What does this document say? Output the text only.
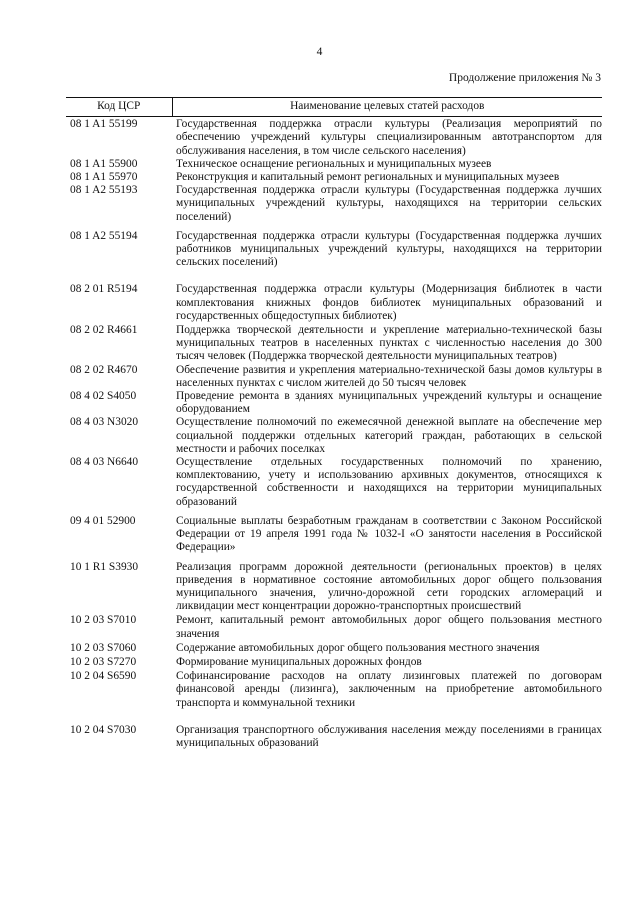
4
Продолжение приложения № 3
Код ЦСР	Наименование целевых статей расходов
08 1 A1 55199	Государственная поддержка отрасли культуры (Реализация мероприятий по обеспечению учреждений культуры специализированным автотранспортом для обслуживания населения, в том числе сельского населения)
08 1 A1 55900	Техническое оснащение региональных и муниципальных музеев
08 1 A1 55970	Реконструкция и капитальный ремонт региональных и муниципальных музеев
08 1 A2 55193	Государственная поддержка отрасли культуры (Государственная поддержка лучших муниципальных учреждений культуры, находящихся на территории сельских поселений)
08 1 A2 55194	Государственная поддержка отрасли культуры (Государственная поддержка лучших работников муниципальных учреждений культуры, находящихся на территории сельских поселений)
08 2 01 R5194	Государственная поддержка отрасли культуры (Модернизация библиотек в части комплектования книжных фондов библиотек муниципальных образований и государственных общедоступных библиотек)
08 2 02 R4661	Поддержка творческой деятельности и укрепление материально-технической базы муниципальных театров в населенных пунктах с численностью населения до 300 тысяч человек (Поддержка творческой деятельности муниципальных театров)
08 2 02 R4670	Обеспечение развития и укрепления материально-технической базы домов культуры в населенных пунктах с числом жителей до 50 тысяч человек
08 4 02 S4050	Проведение ремонта в зданиях муниципальных учреждений культуры и оснащение оборудованием
08 4 03 N3020	Осуществление полномочий по ежемесячной денежной выплате на обеспечение мер социальной поддержки отдельных категорий граждан, работающих в сельской местности и рабочих поселках
08 4 03 N6640	Осуществление отдельных государственных полномочий по хранению, комплектованию, учету и использованию архивных документов, относящихся к государственной собственности и находящихся на территории муниципальных образований
09 4 01 52900	Социальные выплаты безработным гражданам в соответствии с Законом Российской Федерации от 19 апреля 1991 года № 1032-I «О занятости населения в Российской Федерации»
10 1 R1 S3930	Реализация программ дорожной деятельности (региональных проектов) в целях приведения в нормативное состояние автомобильных дорог общего пользования муниципального значения, улично-дорожной сети городских агломераций и ликвидации мест концентрации дорожно-транспортных происшествий
10 2 03 S7010	Ремонт, капитальный ремонт автомобильных дорог общего пользования местного значения
10 2 03 S7060	Содержание автомобильных дорог общего пользования местного значения
10 2 03 S7270	Формирование муниципальных дорожных фондов
10 2 04 S6590	Софинансирование расходов на оплату лизинговых платежей по договорам финансовой аренды (лизинга), заключенным на приобретение автомобильного транспорта и коммунальной техники
10 2 04 S7030	Организация транспортного обслуживания населения между поселениями в границах муниципальных образований
